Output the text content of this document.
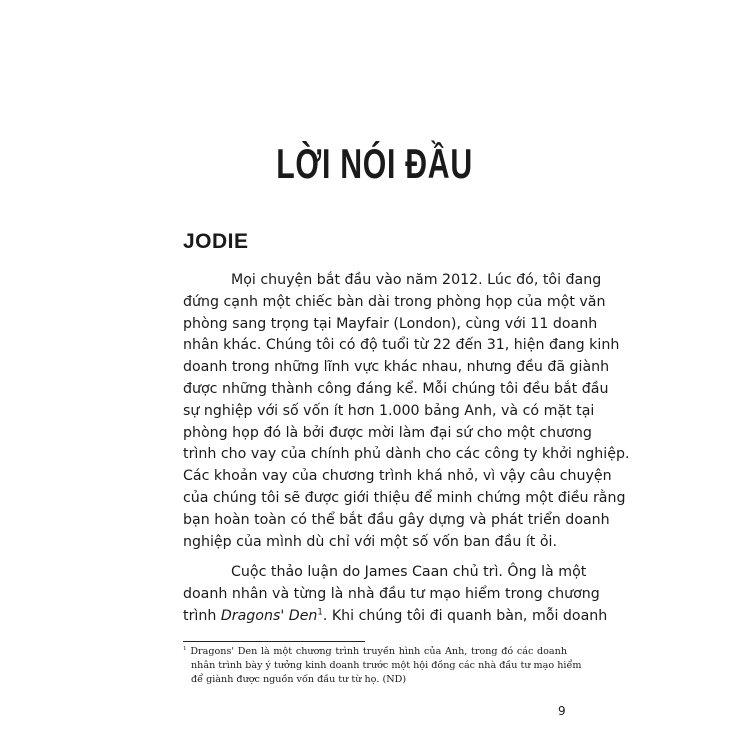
LỜI NÓI ĐẦU
JODIE
Mọi chuyện bắt đầu vào năm 2012. Lúc đó, tôi đang
đứng cạnh một chiếc bàn dài trong phòng họp của một văn
phòng sang trọng tại Mayfair (London), cùng với 11 doanh
nhân khác. Chúng tôi có độ tuổi từ 22 đến 31, hiện đang kinh
doanh trong những lĩnh vực khác nhau, nhưng đều đã giành
được những thành công đáng kể. Mỗi chúng tôi đều bắt đầu
sự nghiệp với số vốn ít hơn 1.000 bảng Anh, và có mặt tại
phòng họp đó là bởi được mời làm đại sứ cho một chương
trình cho vay của chính phủ dành cho các công ty khởi nghiệp.
Các khoản vay của chương trình khá nhỏ, vì vậy câu chuyện
của chúng tôi sẽ được giới thiệu để minh chứng một điều rằng
bạn hoàn toàn có thể bắt đầu gây dựng và phát triển doanh
nghiệp của mình dù chỉ với một số vốn ban đầu ít ỏi.
Cuộc thảo luận do James Caan chủ trì. Ông là một
doanh nhân và từng là nhà đầu tư mạo hiểm trong chương
trình Dragons' Den$^1$. Khi chúng tôi đi quanh bàn, mỗi doanh
$^1$ Dragons' Den là một chương trình truyền hình của Anh, trong đó các doanh
nhân trình bày ý tưởng kinh doanh trước một hội đồng các nhà đầu tư mạo hiểm
để giành được nguồn vốn đầu tư từ họ. (ND)
9
